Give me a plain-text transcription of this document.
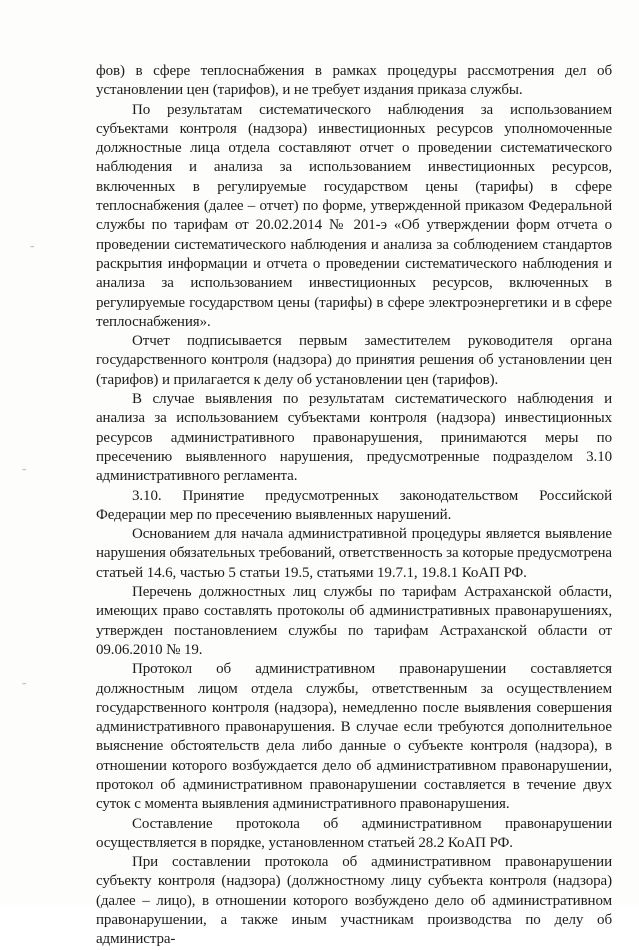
фов) в сфере теплоснабжения в рамках процедуры рассмотрения дел об установлении цен (тарифов), и не требует издания приказа службы.

По результатам систематического наблюдения за использованием субъектами контроля (надзора) инвестиционных ресурсов уполномоченные должностные лица отдела составляют отчет о проведении систематического наблюдения и анализа за использованием инвестиционных ресурсов, включенных в регулируемые государством цены (тарифы) в сфере теплоснабжения (далее – отчет) по форме, утвержденной приказом Федеральной службы по тарифам от 20.02.2014 № 201-э «Об утверждении форм отчета о проведении систематического наблюдения и анализа за соблюдением стандартов раскрытия информации и отчета о проведении систематического наблюдения и анализа за использованием инвестиционных ресурсов, включенных в регулируемые государством цены (тарифы) в сфере электроэнергетики и в сфере теплоснабжения».

Отчет подписывается первым заместителем руководителя органа государственного контроля (надзора) до принятия решения об установлении цен (тарифов) и прилагается к делу об установлении цен (тарифов).

В случае выявления по результатам систематического наблюдения и анализа за использованием субъектами контроля (надзора) инвестиционных ресурсов административного правонарушения, принимаются меры по пресечению выявленного нарушения, предусмотренные подразделом 3.10 административного регламента.

3.10. Принятие предусмотренных законодательством Российской Федерации мер по пресечению выявленных нарушений.

Основанием для начала административной процедуры является выявление нарушения обязательных требований, ответственность за которые предусмотрена статьей 14.6, частью 5 статьи 19.5, статьями 19.7.1, 19.8.1 КоАП РФ.

Перечень должностных лиц службы по тарифам Астраханской области, имеющих право составлять протоколы об административных правонарушениях, утвержден постановлением службы по тарифам Астраханской области от 09.06.2010 № 19.

Протокол об административном правонарушении составляется должностным лицом отдела службы, ответственным за осуществлением государственного контроля (надзора), немедленно после выявления совершения административного правонарушения. В случае если требуются дополнительное выяснение обстоятельств дела либо данные о субъекте контроля (надзора), в отношении которого возбуждается дело об административном правонарушении, протокол об административном правонарушении составляется в течение двух суток с момента выявления административного правонарушения.

Составление протокола об административном правонарушении осуществляется в порядке, установленном статьей 28.2 КоАП РФ.

При составлении протокола об административном правонарушении субъекту контроля (надзора) (должностному лицу субъекта контроля (надзора) (далее – лицо), в отношении которого возбуждено дело об административном правонарушении, а также иным участникам производства по делу об администра-

–
–
–
